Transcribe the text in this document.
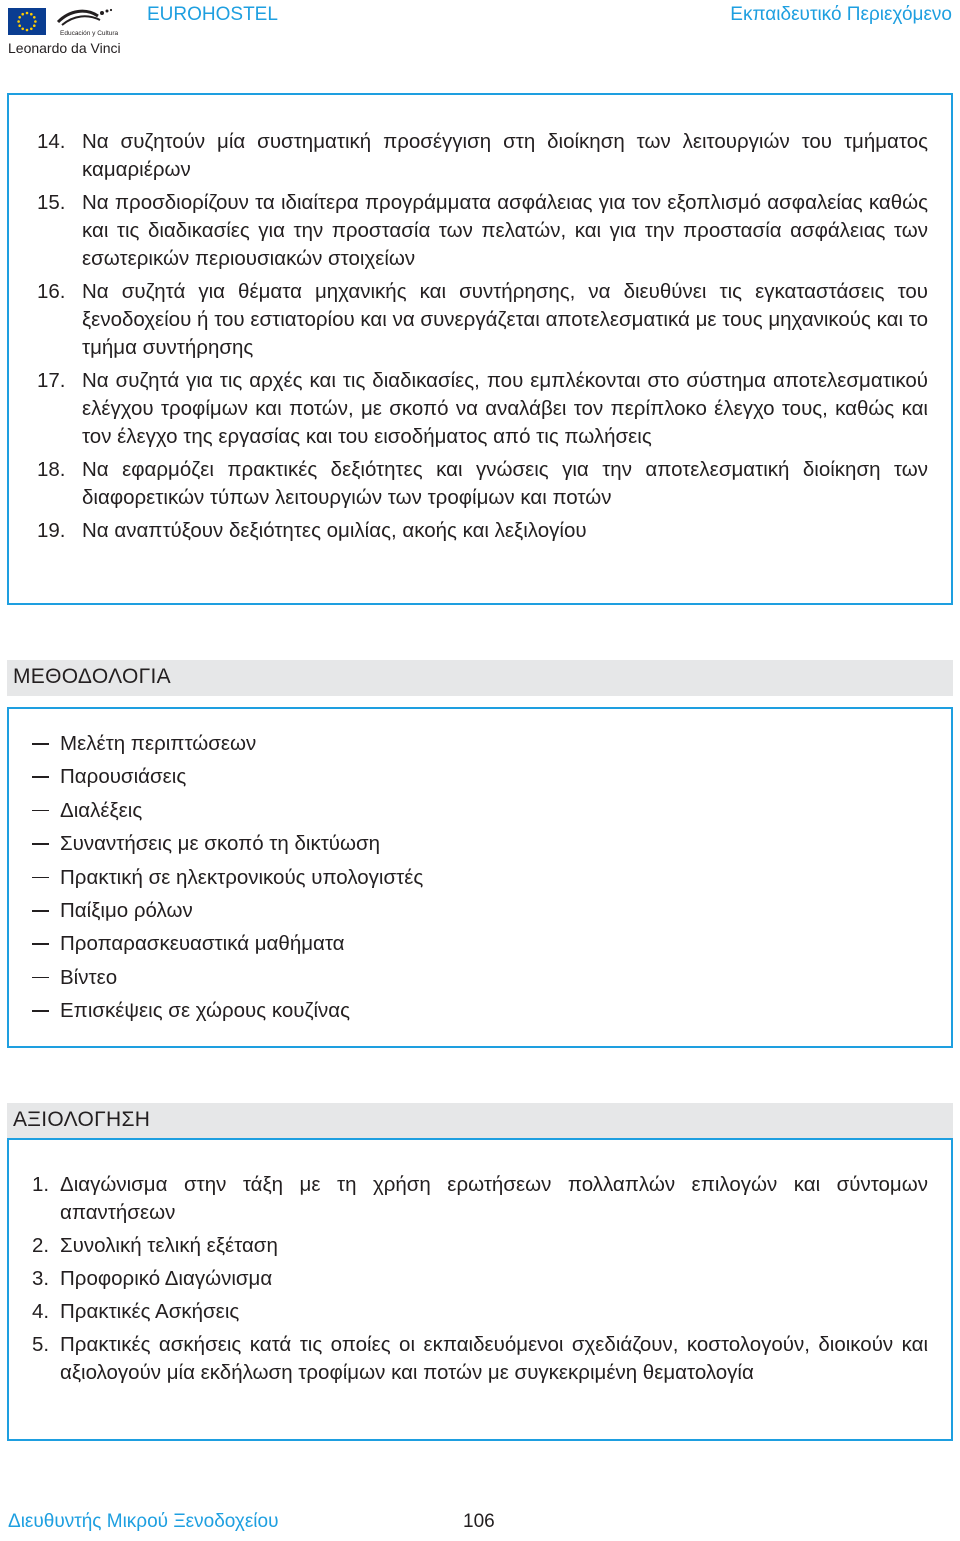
Educación y Cultura
Leonardo da Vinci
EUROHOSTEL	Εκπαιδευτικό Περιεχόμενο
14. Να συζητούν μία συστηματική προσέγγιση στη διοίκηση των λειτουργιών του τμήματος καμαριέρων
15. Να προσδιορίζουν τα ιδιαίτερα προγράμματα ασφάλειας για τον εξοπλισμό ασφαλείας καθώς και τις διαδικασίες για την προστασία των πελατών, και για την προστασία ασφάλειας των εσωτερικών περιουσιακών στοιχείων
16. Να συζητά για θέματα μηχανικής και συντήρησης, να διευθύνει τις εγκαταστάσεις του ξενοδοχείου ή του εστιατορίου και να συνεργάζεται αποτελεσματικά με τους μηχανικούς και το τμήμα συντήρησης
17. Να συζητά για τις αρχές και τις διαδικασίες, που εμπλέκονται στο σύστημα αποτελεσματικού ελέγχου τροφίμων και ποτών, με σκοπό να αναλάβει τον περίπλοκο έλεγχο τους, καθώς και τον έλεγχο της εργασίας και του εισοδήματος από τις πωλήσεις
18. Να εφαρμόζει πρακτικές δεξιότητες και γνώσεις για την αποτελεσματική διοίκηση των διαφορετικών τύπων λειτουργιών των τροφίμων και ποτών
19. Να αναπτύξουν δεξιότητες ομιλίας, ακοής και λεξιλογίου
ΜΕΘΟΔΟΛΟΓΙΑ
Μελέτη περιπτώσεων
Παρουσιάσεις
Διαλέξεις
Συναντήσεις με σκοπό τη δικτύωση
Πρακτική σε ηλεκτρονικούς υπολογιστές
Παίξιμο ρόλων
Προπαρασκευαστικά μαθήματα
Βίντεο
Επισκέψεις σε χώρους κουζίνας
ΑΞΙΟΛΟΓΗΣΗ
1. Διαγώνισμα στην τάξη με τη χρήση ερωτήσεων πολλαπλών επιλογών και σύντομων απαντήσεων
2. Συνολική τελική εξέταση
3. Προφορικό Διαγώνισμα
4. Πρακτικές Ασκήσεις
5. Πρακτικές ασκήσεις κατά τις οποίες οι εκπαιδευόμενοι σχεδιάζουν, κοστολογούν, διοικούν και αξιολογούν μία εκδήλωση τροφίμων και ποτών με συγκεκριμένη θεματολογία
Διευθυντής Μικρού Ξενοδοχείου	106
